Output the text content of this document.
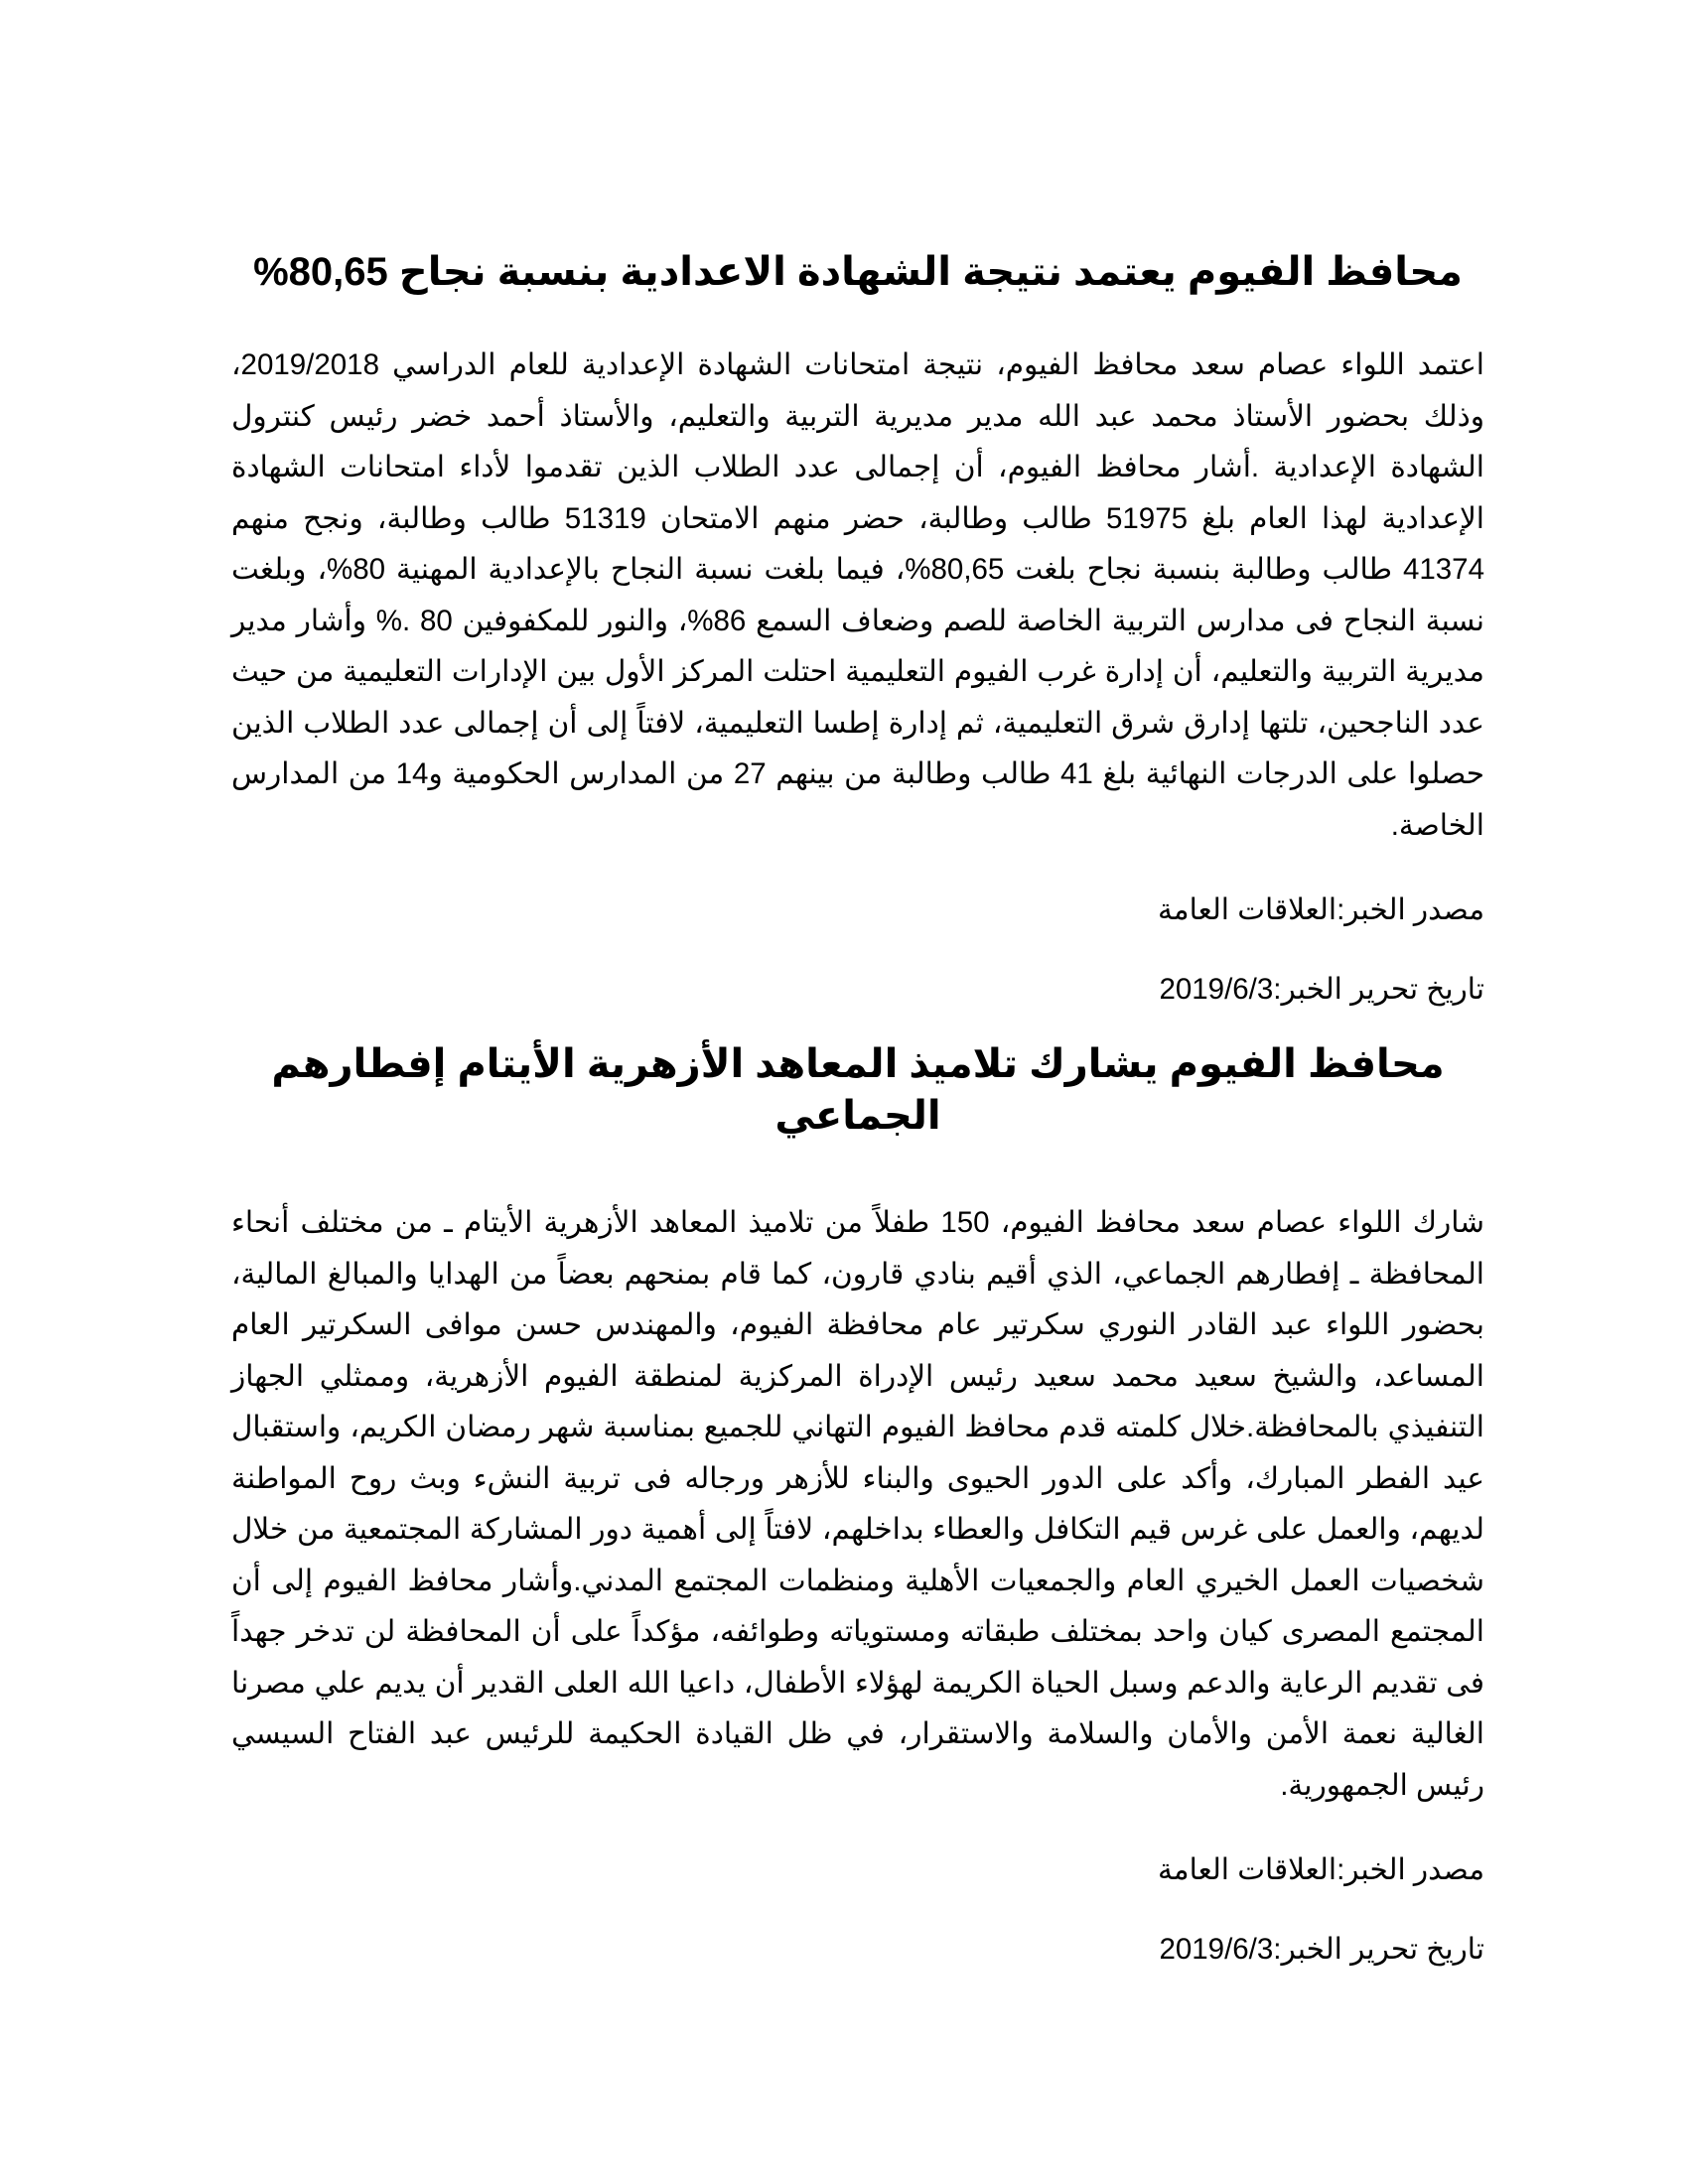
محافظ الفيوم يعتمد نتيجة الشهادة الاعدادية بنسبة نجاح 80,65%

اعتمد اللواء عصام سعد محافظ الفيوم، نتيجة امتحانات الشهادة الإعدادية للعام الدراسي 2019/2018، وذلك بحضور الأستاذ محمد عبد الله مدير مديرية التربية والتعليم، والأستاذ أحمد خضر رئيس كنترول الشهادة الإعدادية .أشار محافظ الفيوم، أن إجمالى عدد الطلاب الذين تقدموا لأداء امتحانات الشهادة الإعدادية لهذا العام بلغ 51975 طالب وطالبة، حضر منهم الامتحان 51319 طالب وطالبة، ونجح منهم 41374 طالب وطالبة بنسبة نجاح بلغت 80,65%، فيما بلغت نسبة النجاح بالإعدادية المهنية 80%، وبلغت نسبة النجاح فى مدارس التربية الخاصة للصم وضعاف السمع 86%، والنور للمكفوفين 80 .% وأشار مدير مديرية التربية والتعليم، أن إدارة غرب الفيوم التعليمية احتلت المركز الأول بين الإدارات التعليمية من حيث عدد الناجحين، تلتها إدارق شرق التعليمية، ثم إدارة إطسا التعليمية، لافتاً إلى أن إجمالى عدد الطلاب الذين حصلوا على الدرجات النهائية بلغ 41 طالب وطالبة من بينهم 27 من المدارس الحكومية و14 من المدارس الخاصة.

مصدر الخبر:العلاقات العامة

تاريخ تحرير الخبر:2019/6/3

محافظ الفيوم يشارك تلاميذ المعاهد الأزهرية الأيتام إفطارهم الجماعي

شارك اللواء عصام سعد محافظ الفيوم، 150 طفلاً من تلاميذ المعاهد الأزهرية الأيتام ـ من مختلف أنحاء المحافظة ـ إفطارهم الجماعي، الذي أقيم بنادي قارون، كما قام بمنحهم بعضاً من الهدايا والمبالغ المالية، بحضور اللواء عبد القادر النوري سكرتير عام محافظة الفيوم، والمهندس حسن موافى السكرتير العام المساعد، والشيخ سعيد محمد سعيد رئيس الإدراة المركزية لمنطقة الفيوم الأزهرية، وممثلي الجهاز التنفيذي بالمحافظة.خلال كلمته قدم محافظ الفيوم التهاني للجميع بمناسبة شهر رمضان الكريم، واستقبال عيد الفطر المبارك، وأكد على الدور الحيوى والبناء للأزهر ورجاله فى تربية النشء وبث روح المواطنة لديهم، والعمل على غرس قيم التكافل والعطاء بداخلهم، لافتاً إلى أهمية دور المشاركة المجتمعية من خلال شخصيات العمل الخيري العام والجمعيات الأهلية ومنظمات المجتمع المدني.وأشار محافظ الفيوم إلى أن المجتمع المصرى كيان واحد بمختلف طبقاته ومستوياته وطوائفه، مؤكداً على أن المحافظة لن تدخر جهداً فى تقديم الرعاية والدعم وسبل الحياة الكريمة لهؤلاء الأطفال، داعيا الله العلى القدير أن يديم علي مصرنا الغالية نعمة الأمن والأمان والسلامة والاستقرار، في ظل القيادة الحكيمة للرئيس عبد الفتاح السيسي رئيس الجمهورية.

مصدر الخبر:العلاقات العامة

تاريخ تحرير الخبر:2019/6/3
